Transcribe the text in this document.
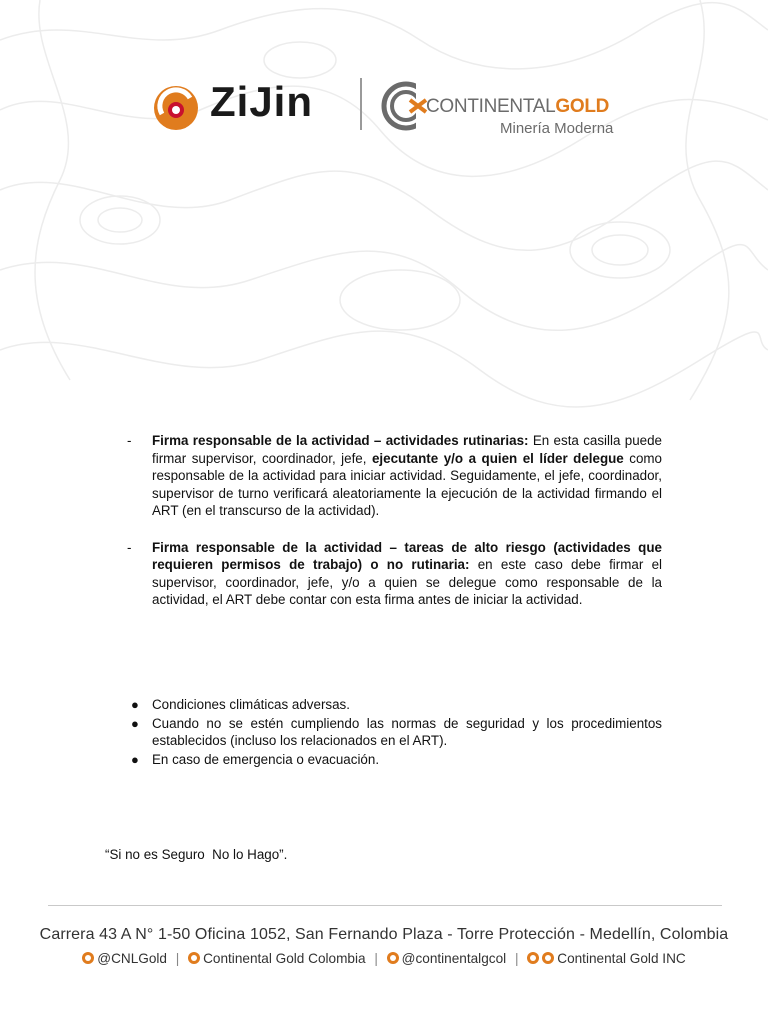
ZiJin	CONTINENTALGOLD
Minería Moderna
- Firma responsable de la actividad – actividades rutinarias: En esta casilla puede firmar supervisor, coordinador, jefe, ejecutante y/o a quien el líder delegue como responsable de la actividad para iniciar actividad. Seguidamente, el jefe, coordinador, supervisor de turno verificará aleatoriamente la ejecución de la actividad firmando el ART (en el transcurso de la actividad).
- Firma responsable de la actividad – tareas de alto riesgo (actividades que requieren permisos de trabajo) o no rutinaria: en este caso debe firmar el supervisor, coordinador, jefe, y/o a quien se delegue como responsable de la actividad, el ART debe contar con esta firma antes de iniciar la actividad.
● Condiciones climáticas adversas.
● Cuando no se estén cumpliendo las normas de seguridad y los procedimientos establecidos (incluso los relacionados en el ART).
● En caso de emergencia o evacuación.
“Si no es Seguro  No lo Hago”.
Carrera 43 A N° 1-50 Oficina 1052, San Fernando Plaza - Torre Protección - Medellín, Colombia
@CNLGold | Continental Gold Colombia | @continentalgcol |	Continental Gold INC
